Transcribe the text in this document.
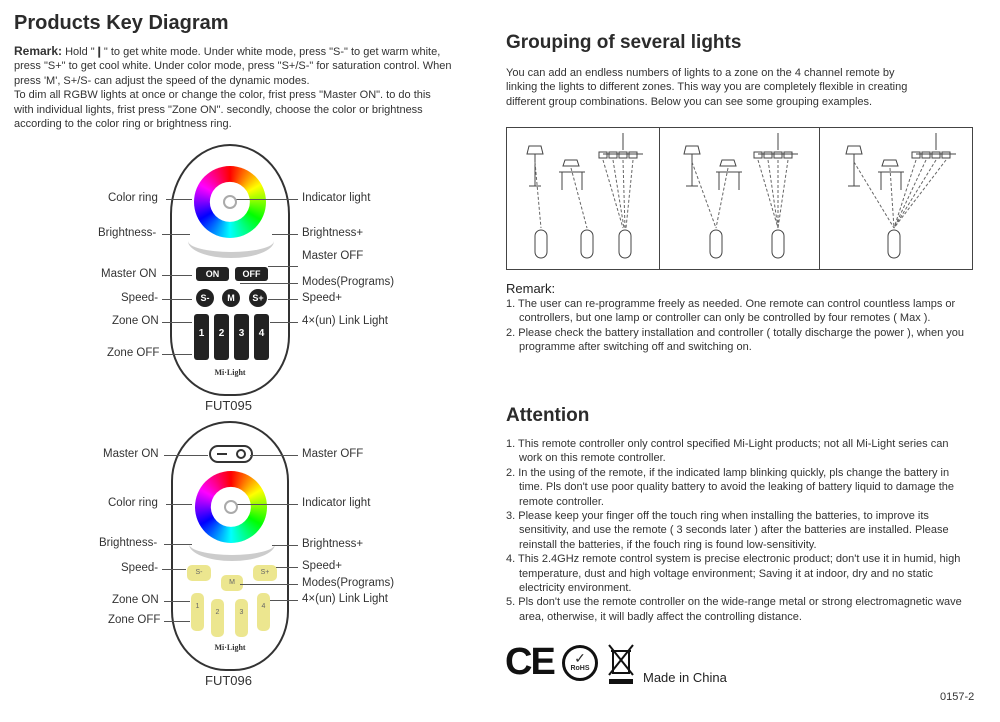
Products Key Diagram
Remark: Hold "❙" to get white mode. Under white mode, press "S-" to get warm white,
press "S+" to get cool white. Under color mode, press "S+/S-" for saturation control. When
press 'M', S+/S- can adjust the speed of the dynamic modes.
To dim all RGBW lights at once or change the color, frist press "Master ON". to do this
with individual lights, frist press "Zone ON". secondly, choose the color or brightness
according to the color ring or brightness ring.
ON	OFF
S-	M	S+
1	2	3	4
Mi·Light
FUT095
Color ring
Brightness-
Master ON
Speed-
Zone ON
Zone OFF
Indicator light
Brightness+
Master OFF
Modes(Programs)
Speed+
4×(un) Link Light
S-
M
S+
1
2	3
4
Mi·Light
FUT096
Master ON
Color ring
Brightness-
Speed-
Zone ON
Zone OFF
Master OFF
Indicator light
Brightness+
Speed+
Modes(Programs)
4×(un) Link Light
Grouping of several lights
You can add an endless numbers of lights to a zone on the 4 channel remote by
linking the lights to different zones. This way you are completely flexible in creating
different group combinations. Below you can see some grouping examples.
Remark:
1. The user can re-programme freely as needed. One remote can control countless lamps or controllers, but one lamp or controller can only be controlled by four remotes ( Max ).
2. Please check the battery installation and controller ( totally discharge the power ), when you programme after switching off and switching on.
Attention
1. This remote controller only control specified Mi-Light products; not all Mi-Light series can work on this remote controller.
2. In the using of the remote, if the indicated lamp blinking quickly, pls change the battery in time. Pls don't use poor quality battery to avoid the leaking of battery liquid to damage the remote controller.
3. Please keep your finger off the touch ring when installing the batteries, to improve its sensitivity, and use the remote ( 3 seconds later ) after the batteries are installed. Please reinstall the batteries, if the fouch ring is found low-sensitivity.
4. This 2.4GHz remote control system is precise electronic product; don't use it in humid, high temperature, dust and high voltage environment; Saving it at indoor, dry and no static electricity environment.
5. Pls don't use the remote controller on the wide-range metal or strong electromagnetic wave area, otherwise, it will badly affect the controlling distance.
CE	✓
RoHS
Made in China
0157-2
